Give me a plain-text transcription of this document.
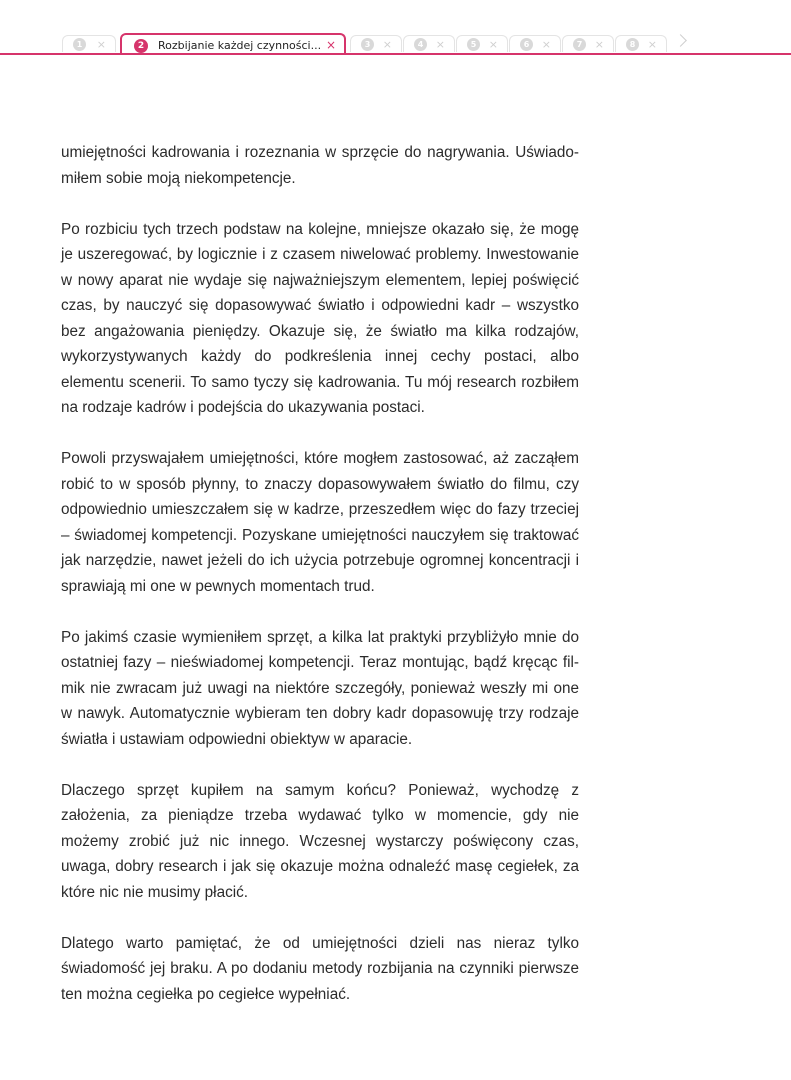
1	×	2	Rozbijanie każdej czynności... ×	3	×	4	×	5	×	6	×	7	×	8	×

umiejętności kadrowania i rozeznania w sprzęcie do nagrywania. Uświadomiłem sobie moją niekompetencje.

Po rozbiciu tych trzech podstaw na kolejne, mniejsze okazało się, że mogę je uszeregować, by logicznie i z czasem niwelować problemy. Inwestowanie w nowy aparat nie wydaje się najważniejszym elementem, lepiej poświęcić czas, by nauczyć się dopasowywać światło i odpowiedni kadr – wszystko bez angażowania pieniędzy. Okazuje się, że światło ma kilka rodzajów, wykorzystywanych każdy do podkreślenia innej cechy postaci, albo elementu scenerii. To samo tyczy się kadrowania. Tu mój research rozbiłem na rodzaje kadrów i podejścia do ukazywania postaci.

Powoli przyswajałem umiejętności, które mogłem zastosować, aż zacząłem robić to w sposób płynny, to znaczy dopasowywałem światło do filmu, czy odpowiednio umieszczałem się w kadrze, przeszedłem więc do fazy trzeciej – świadomej kompetencji. Pozyskane umiejętności nauczyłem się traktować jak narzędzie, nawet jeżeli do ich użycia potrzebuje ogromnej koncentracji i sprawiają mi one w pewnych momentach trud.

Po jakimś czasie wymieniłem sprzęt, a kilka lat praktyki przybliżyło mnie do ostatniej fazy – nieświadomej kompetencji. Teraz montując, bądź kręcąc filmik nie zwracam już uwagi na niektóre szczegóły, ponieważ weszły mi one w nawyk. Automatycznie wybieram ten dobry kadr dopasowuję trzy rodzaje światła i ustawiam odpowiedni obiektyw w aparacie.

Dlaczego sprzęt kupiłem na samym końcu? Ponieważ, wychodzę z założenia, za pieniądze trzeba wydawać tylko w momencie, gdy nie możemy zrobić już nic innego. Wczesnej wystarczy poświęcony czas, uwaga, dobry research i jak się okazuje można odnaleźć masę cegiełek, za które nic nie musimy płacić.

Dlatego warto pamiętać, że od umiejętności dzieli nas nieraz tylko świadomość jej braku. A po dodaniu metody rozbijania na czynniki pierwsze ten można cegiełka po cegiełce wypełniać.
